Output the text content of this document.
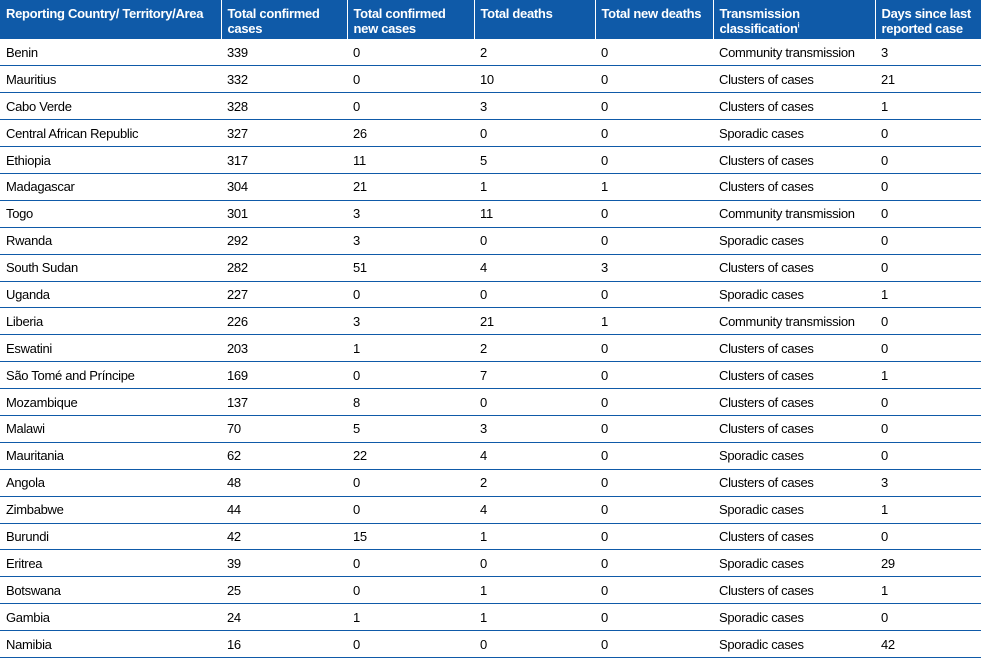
Reporting Country/ Territory/Area	Total confirmed cases	Total confirmed new cases	Total deaths	Total new deaths	Transmission classification$^i$	Days since last reported case
Benin	339	0	2	0	Community transmission	3
Mauritius	332	0	10	0	Clusters of cases	21
Cabo Verde	328	0	3	0	Clusters of cases	1
Central African Republic	327	26	0	0	Sporadic cases	0
Ethiopia	317	11	5	0	Clusters of cases	0
Madagascar	304	21	1	1	Clusters of cases	0
Togo	301	3	11	0	Community transmission	0
Rwanda	292	3	0	0	Sporadic cases	0
South Sudan	282	51	4	3	Clusters of cases	0
Uganda	227	0	0	0	Sporadic cases	1
Liberia	226	3	21	1	Community transmission	0
Eswatini	203	1	2	0	Clusters of cases	0
São Tomé and Príncipe	169	0	7	0	Clusters of cases	1
Mozambique	137	8	0	0	Clusters of cases	0
Malawi	70	5	3	0	Clusters of cases	0
Mauritania	62	22	4	0	Sporadic cases	0
Angola	48	0	2	0	Clusters of cases	3
Zimbabwe	44	0	4	0	Sporadic cases	1
Burundi	42	15	1	0	Clusters of cases	0
Eritrea	39	0	0	0	Sporadic cases	29
Botswana	25	0	1	0	Clusters of cases	1
Gambia	24	1	1	0	Sporadic cases	0
Namibia	16	0	0	0	Sporadic cases	42
